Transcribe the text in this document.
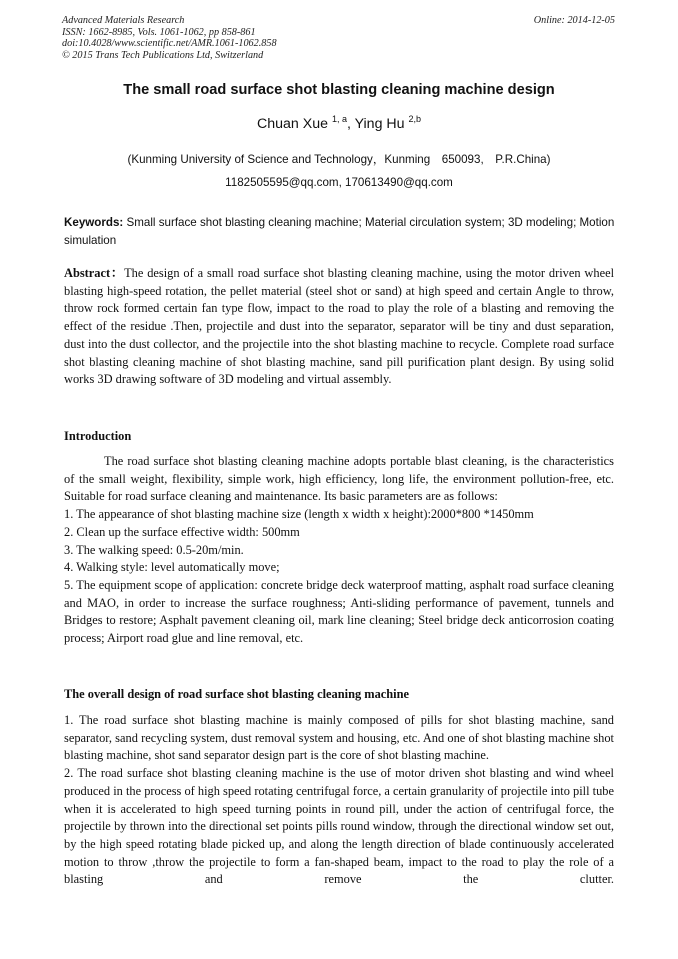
Advanced Materials Research
ISSN: 1662-8985, Vols. 1061-1062, pp 858-861
doi:10.4028/www.scientific.net/AMR.1061-1062.858
© 2015 Trans Tech Publications Ltd, Switzerland
Online: 2014-12-05
The small road surface shot blasting cleaning machine design
Chuan Xue $^{1, a}$, Ying Hu $^{2,b}$
(Kunming University of Science and Technology，Kunming　650093,　P.R.China)
1182505595@qq.com, 170613490@qq.com
Keywords: Small surface shot blasting cleaning machine; Material circulation system; 3D modeling; Motion simulation
Abstract：The design of a small road surface shot blasting cleaning machine, using the motor driven wheel blasting high-speed rotation, the pellet material (steel shot or sand) at high speed and certain Angle to throw, throw rock formed certain fan type flow, impact to the road to play the role of a blasting and removing the effect of the residue .Then, projectile and dust into the separator, separator will be tiny and dust separation, dust into the dust collector, and the projectile into the shot blasting machine to recycle. Complete road surface shot blasting cleaning machine of shot blasting machine, sand pill purification plant design. By using solid works 3D drawing software of 3D modeling and virtual assembly.
Introduction

The road surface shot blasting cleaning machine adopts portable blast cleaning, is the characteristics of the small weight, flexibility, simple work, high efficiency, long life, the environment pollution-free, etc. Suitable for road surface cleaning and maintenance. Its basic parameters are as follows:

1. The appearance of shot blasting machine size (length x width x height):2000*800 *1450mm

2. Clean up the surface effective width: 500mm

3. The walking speed: 0.5-20m/min.

4. Walking style: level automatically move;

5. The equipment scope of application: concrete bridge deck waterproof matting, asphalt road surface cleaning and MAO, in order to increase the surface roughness; Anti-sliding performance of pavement, tunnels and Bridges to restore; Asphalt pavement cleaning oil, mark line cleaning; Steel bridge deck anticorrosion coating process; Airport road glue and line removal, etc.

The overall design of road surface shot blasting cleaning machine

1. The road surface shot blasting machine is mainly composed of pills for shot blasting machine, sand separator, sand recycling system, dust removal system and housing, etc. And one of shot blasting machine shot blasting machine, shot sand separator design part is the core of shot blasting machine.

2. The road surface shot blasting cleaning machine is the use of motor driven shot blasting and wind wheel produced in the process of high speed rotating centrifugal force, a certain granularity of projectile into pill tube when it is accelerated to high speed turning points in round pill, under the action of centrifugal force, the projectile by thrown into the directional set points pills round window, through the directional window set out, by the high speed rotating blade picked up, and along the length direction of blade continuously accelerated motion to throw ,throw the projectile to form a fan-shaped beam, impact to the road to play the role of a blasting and remove the clutter.
